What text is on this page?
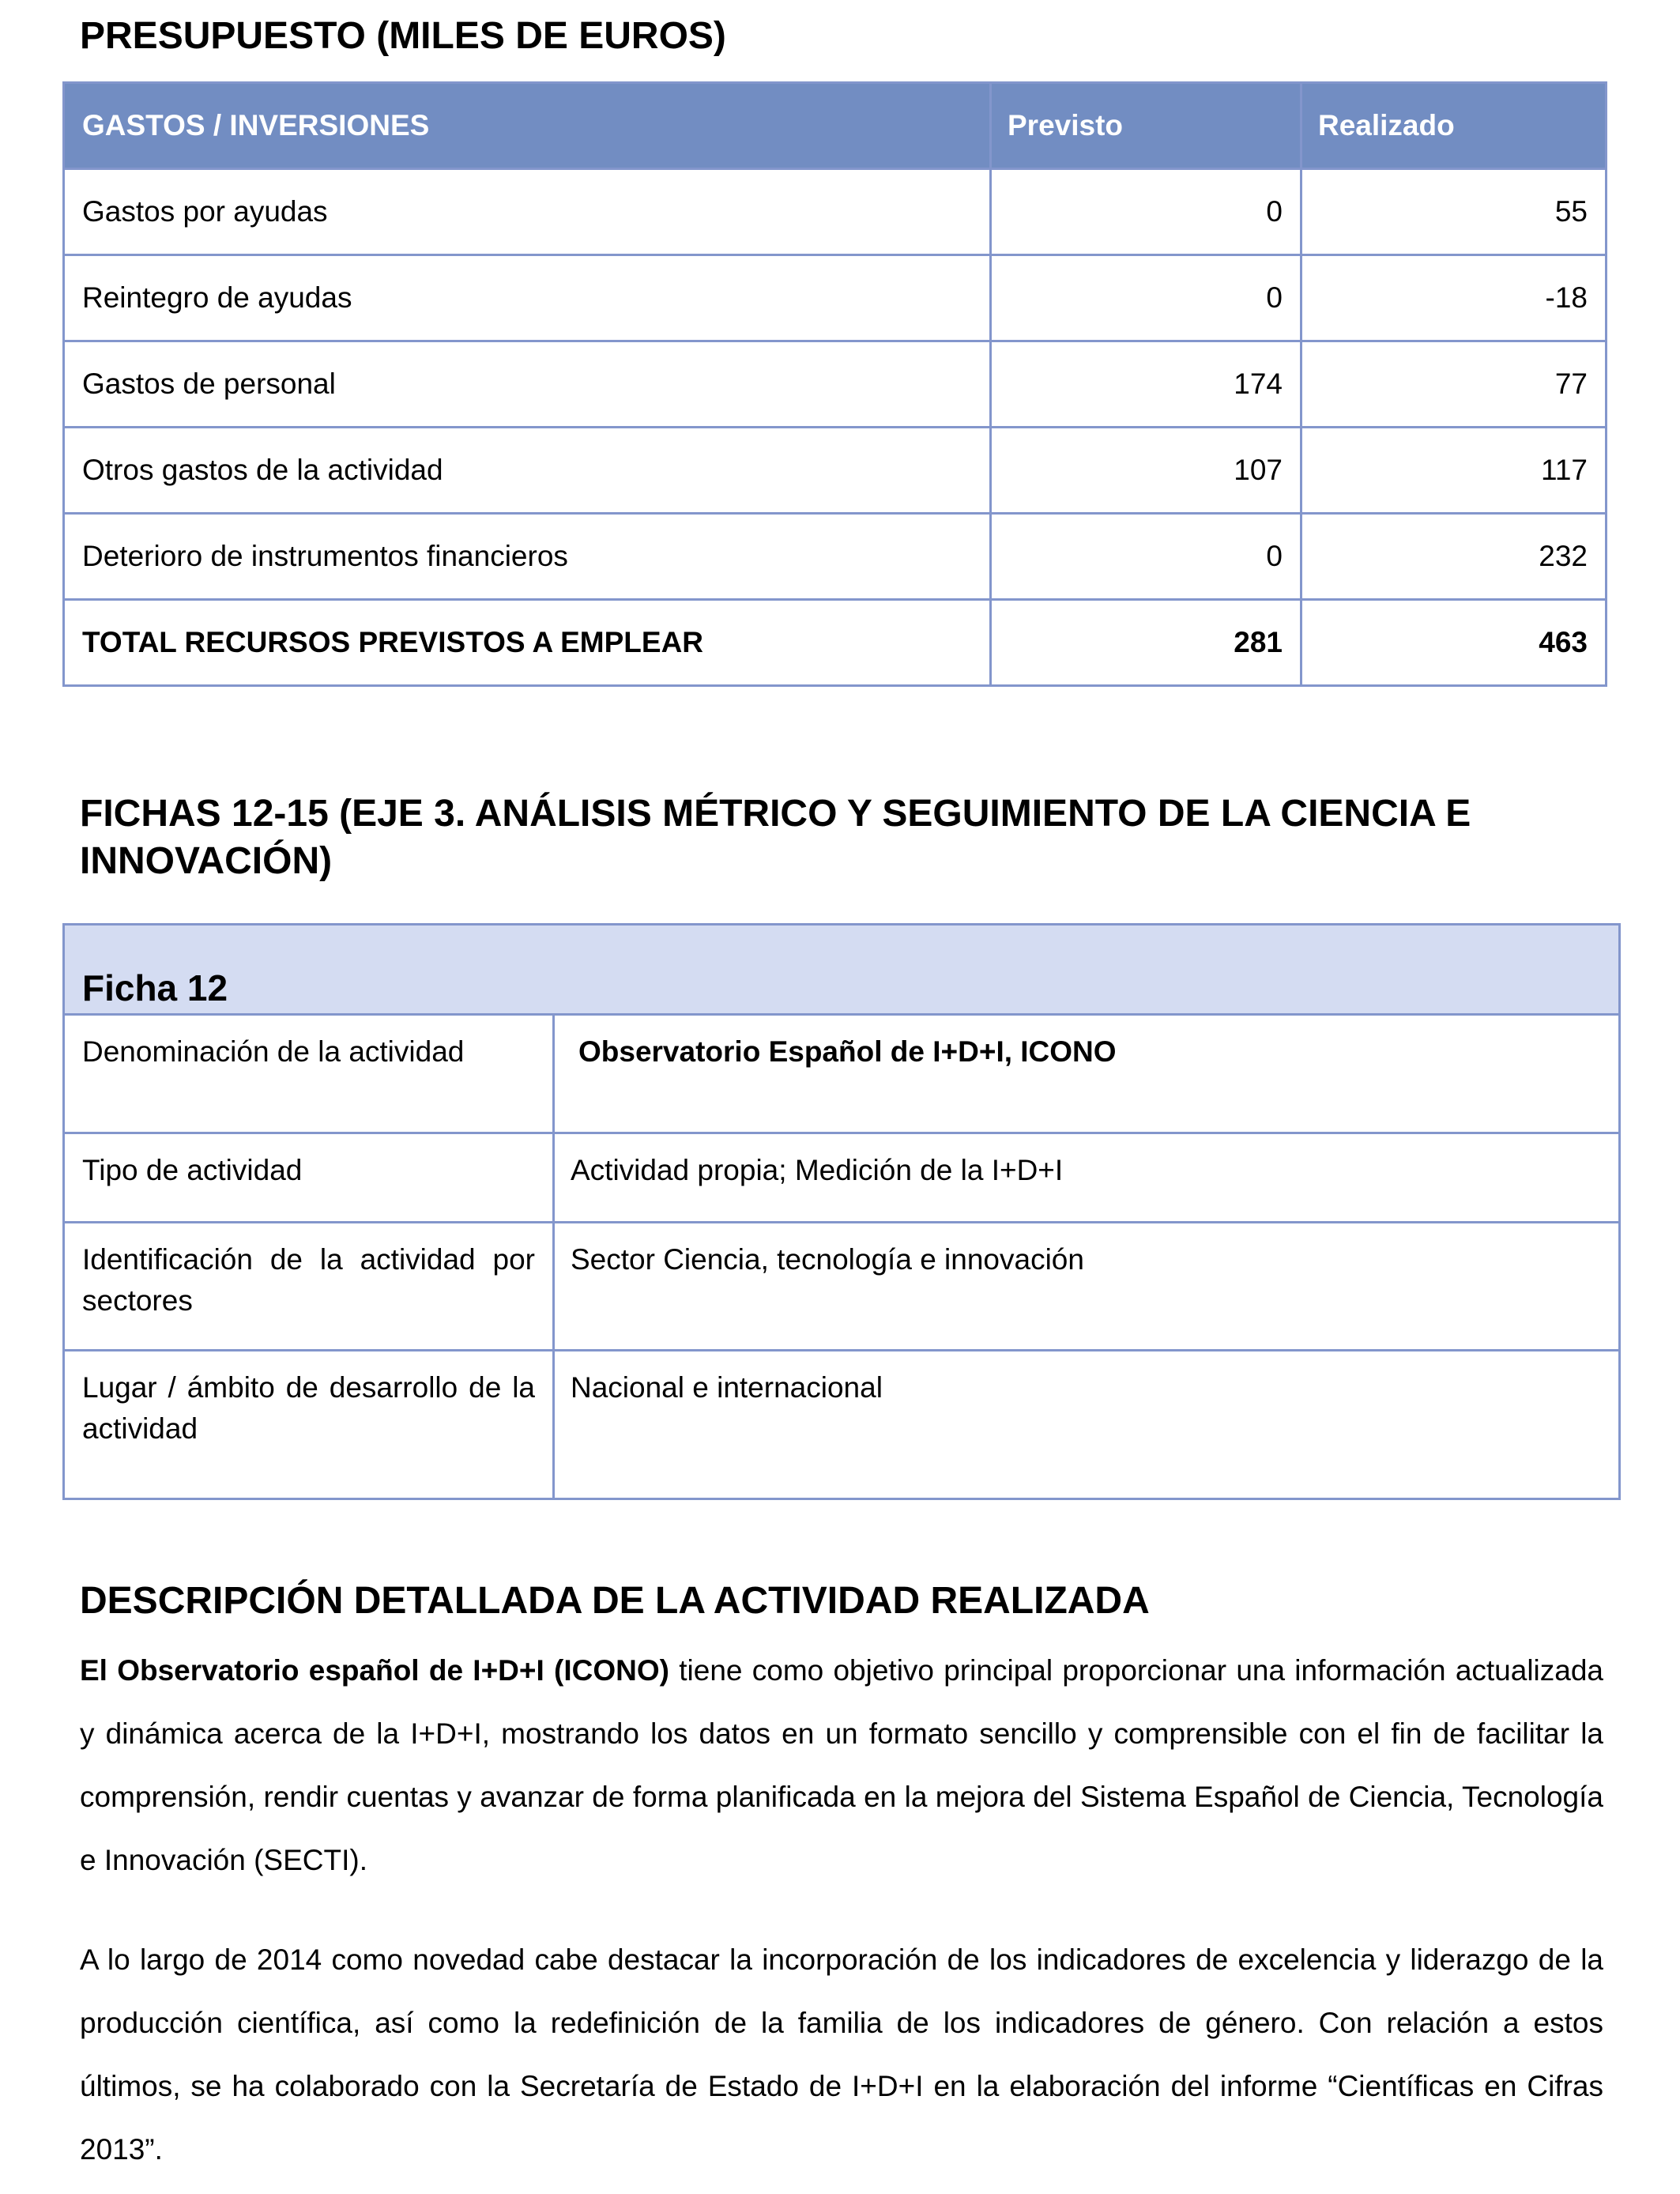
PRESUPUESTO (MILES DE EUROS)
GASTOS / INVERSIONES	Previsto	Realizado
Gastos por ayudas	0	55
Reintegro de ayudas	0	-18
Gastos de personal	174	77
Otros gastos de la actividad	107	117
Deterioro de instrumentos financieros	0	232
TOTAL RECURSOS PREVISTOS A EMPLEAR	281	463
FICHAS 12-15 (EJE 3. ANÁLISIS MÉTRICO Y SEGUIMIENTO DE LA CIENCIA E INNOVACIÓN)
Ficha 12	
Denominación de la actividad	Observatorio Español de I+D+I, ICONO
Tipo de actividad	Actividad propia; Medición de la I+D+I
Identificación de la actividad por sectores	Sector Ciencia, tecnología e innovación
Lugar / ámbito de desarrollo de la actividad	Nacional e internacional
DESCRIPCIÓN DETALLADA DE LA ACTIVIDAD REALIZADA

El Observatorio español de I+D+I (ICONO) tiene como objetivo principal proporcionar una información actualizada y dinámica acerca de la I+D+I, mostrando los datos en un formato sencillo y comprensible con el fin de facilitar la comprensión, rendir cuentas y avanzar de forma planificada en la mejora del Sistema Español de Ciencia, Tecnología e Innovación (SECTI).

A lo largo de 2014 como novedad cabe destacar la incorporación de los indicadores de excelencia y liderazgo de la producción científica, así como la redefinición de la familia de los indicadores de género. Con relación a estos últimos, se ha colaborado con la Secretaría de Estado de I+D+I en la elaboración del informe “Científicas en Cifras 2013”.
